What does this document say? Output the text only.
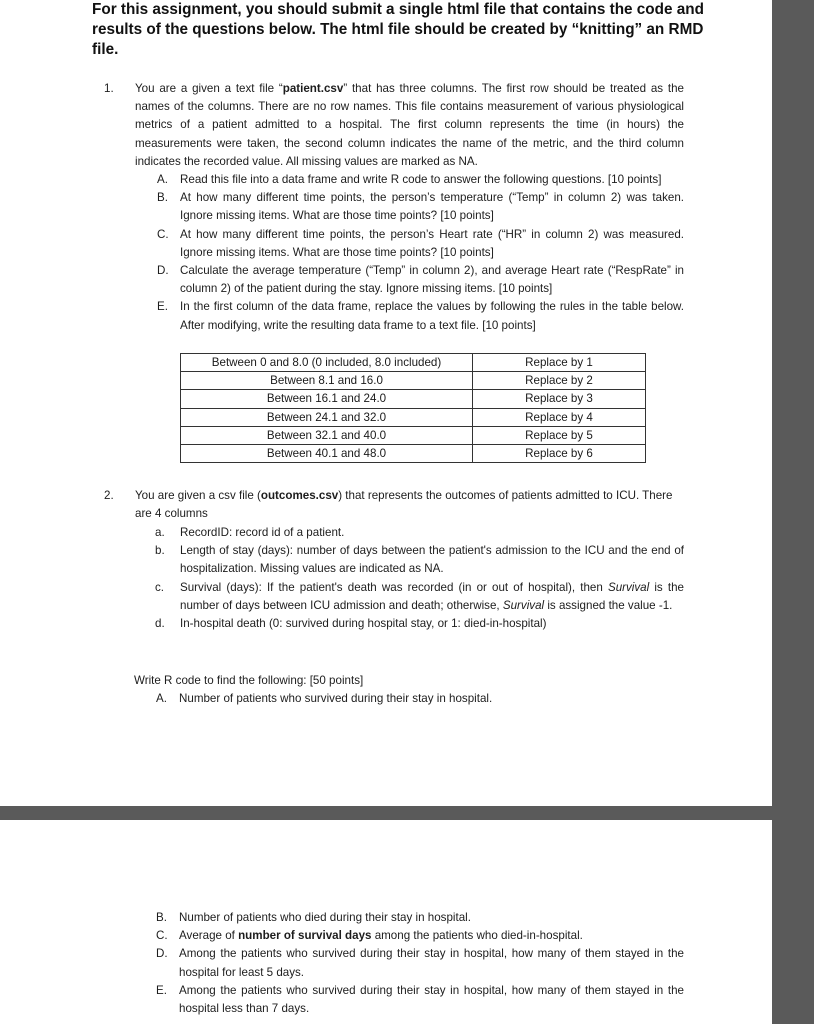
For this assignment, you should submit a single html file that contains the code and results of the questions below. The html file should be created by “knitting” an RMD file.
1.	You are a given a text file “patient.csv” that has three columns. The first row should be treated as the names of the columns. There are no row names. This file contains measurement of various physiological metrics of a patient admitted to a hospital. The first column represents the time (in hours) the measurements were taken, the second column indicates the name of the metric, and the third column indicates the recorded value. All missing values are marked as NA.
A. Read this file into a data frame and write R code to answer the following questions. [10 points]
B. At how many different time points, the person’s temperature (“Temp” in column 2) was taken. Ignore missing items. What are those time points? [10 points]
C. At how many different time points, the person’s Heart rate (“HR” in column 2) was measured. Ignore missing items. What are those time points? [10 points]
D. Calculate the average temperature (“Temp” in column 2), and average Heart rate (“RespRate” in column 2) of the patient during the stay. Ignore missing items. [10 points]
E. In the first column of the data frame, replace the values by following the rules in the table below. After modifying, write the resulting data frame to a text file. [10 points]
Between 0 and 8.0 (0 included, 8.0 included)	Replace by 1
Between 8.1 and 16.0	Replace by 2
Between 16.1 and 24.0	Replace by 3
Between 24.1 and 32.0	Replace by 4
Between 32.1 and 40.0	Replace by 5
Between 40.1 and 48.0	Replace by 6
2.	You are given a csv file (outcomes.csv) that represents the outcomes of patients admitted to ICU. There are 4 columns
a. RecordID: record id of a patient.
b. Length of stay (days): number of days between the patient's admission to the ICU and the end of hospitalization. Missing values are indicated as NA.
c. Survival (days): If the patient's death was recorded (in or out of hospital), then Survival is the number of days between ICU admission and death; otherwise, Survival is assigned the value -1.
d. In-hospital death (0: survived during hospital stay, or 1: died-in-hospital)
Write R code to find the following: [50 points]
A. Number of patients who survived during their stay in hospital.
B. Number of patients who died during their stay in hospital.
C. Average of number of survival days among the patients who died-in-hospital.
D. Among the patients who survived during their stay in hospital, how many of them stayed in the hospital for least 5 days.
E. Among the patients who survived during their stay in hospital, how many of them stayed in the hospital less than 7 days.
